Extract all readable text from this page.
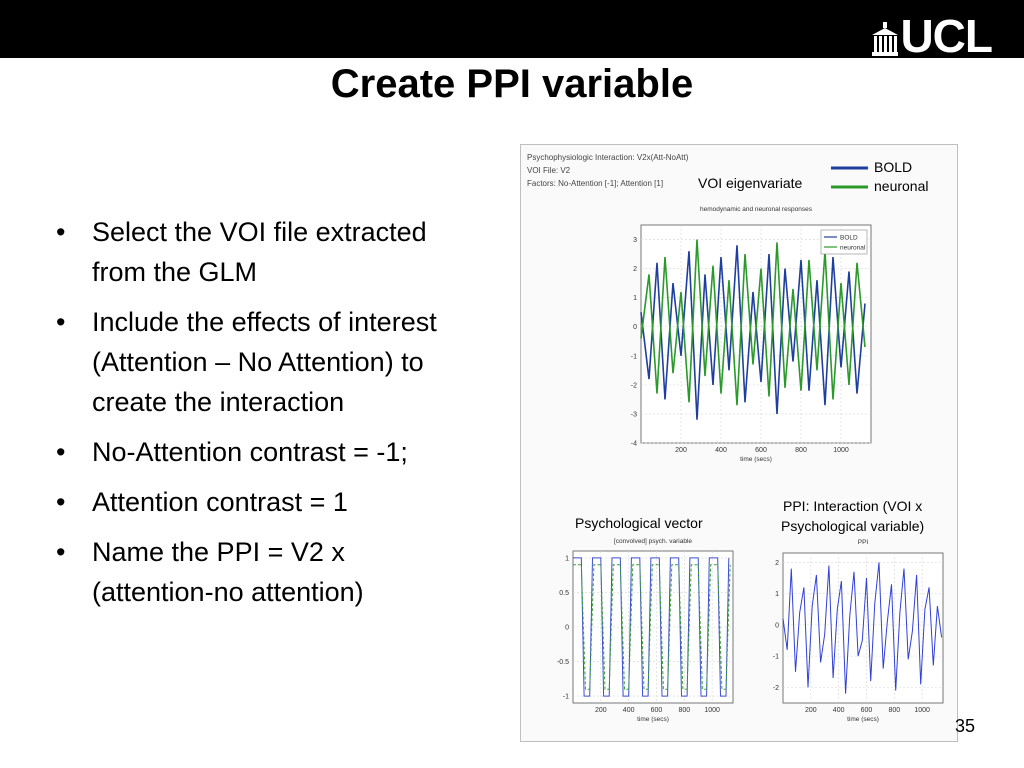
UCL
Create PPI variable
• Select the VOI file extracted from the GLM
• Include the effects of interest (Attention – No Attention) to create the interaction
• No-Attention contrast = -1;
• Attention contrast = 1
• Name the PPI = V2 x (attention-no attention)
Psychophysiologic Interaction: V2x(Att-NoAtt)
VOI File: V2
Factors: No-Attention [-1]; Attention [1] VOI eigenvariate
BOLD
neuronal
Psychological vector
PPI: Interaction (VOI x
Psychological variable)
200	400	600	800	1000
3
2
1
0
-1
-2
-3
-4
hemodynamic and neuronal responses
time (secs)
BOLD
neuronal
200 400 600 800 1000
1
0.5
0
-0.5
-1
[convolved] psych. variable
time (secs)
200 400 600 800 1000
2
1
0
-1
-2
PPI
time (secs)	35
